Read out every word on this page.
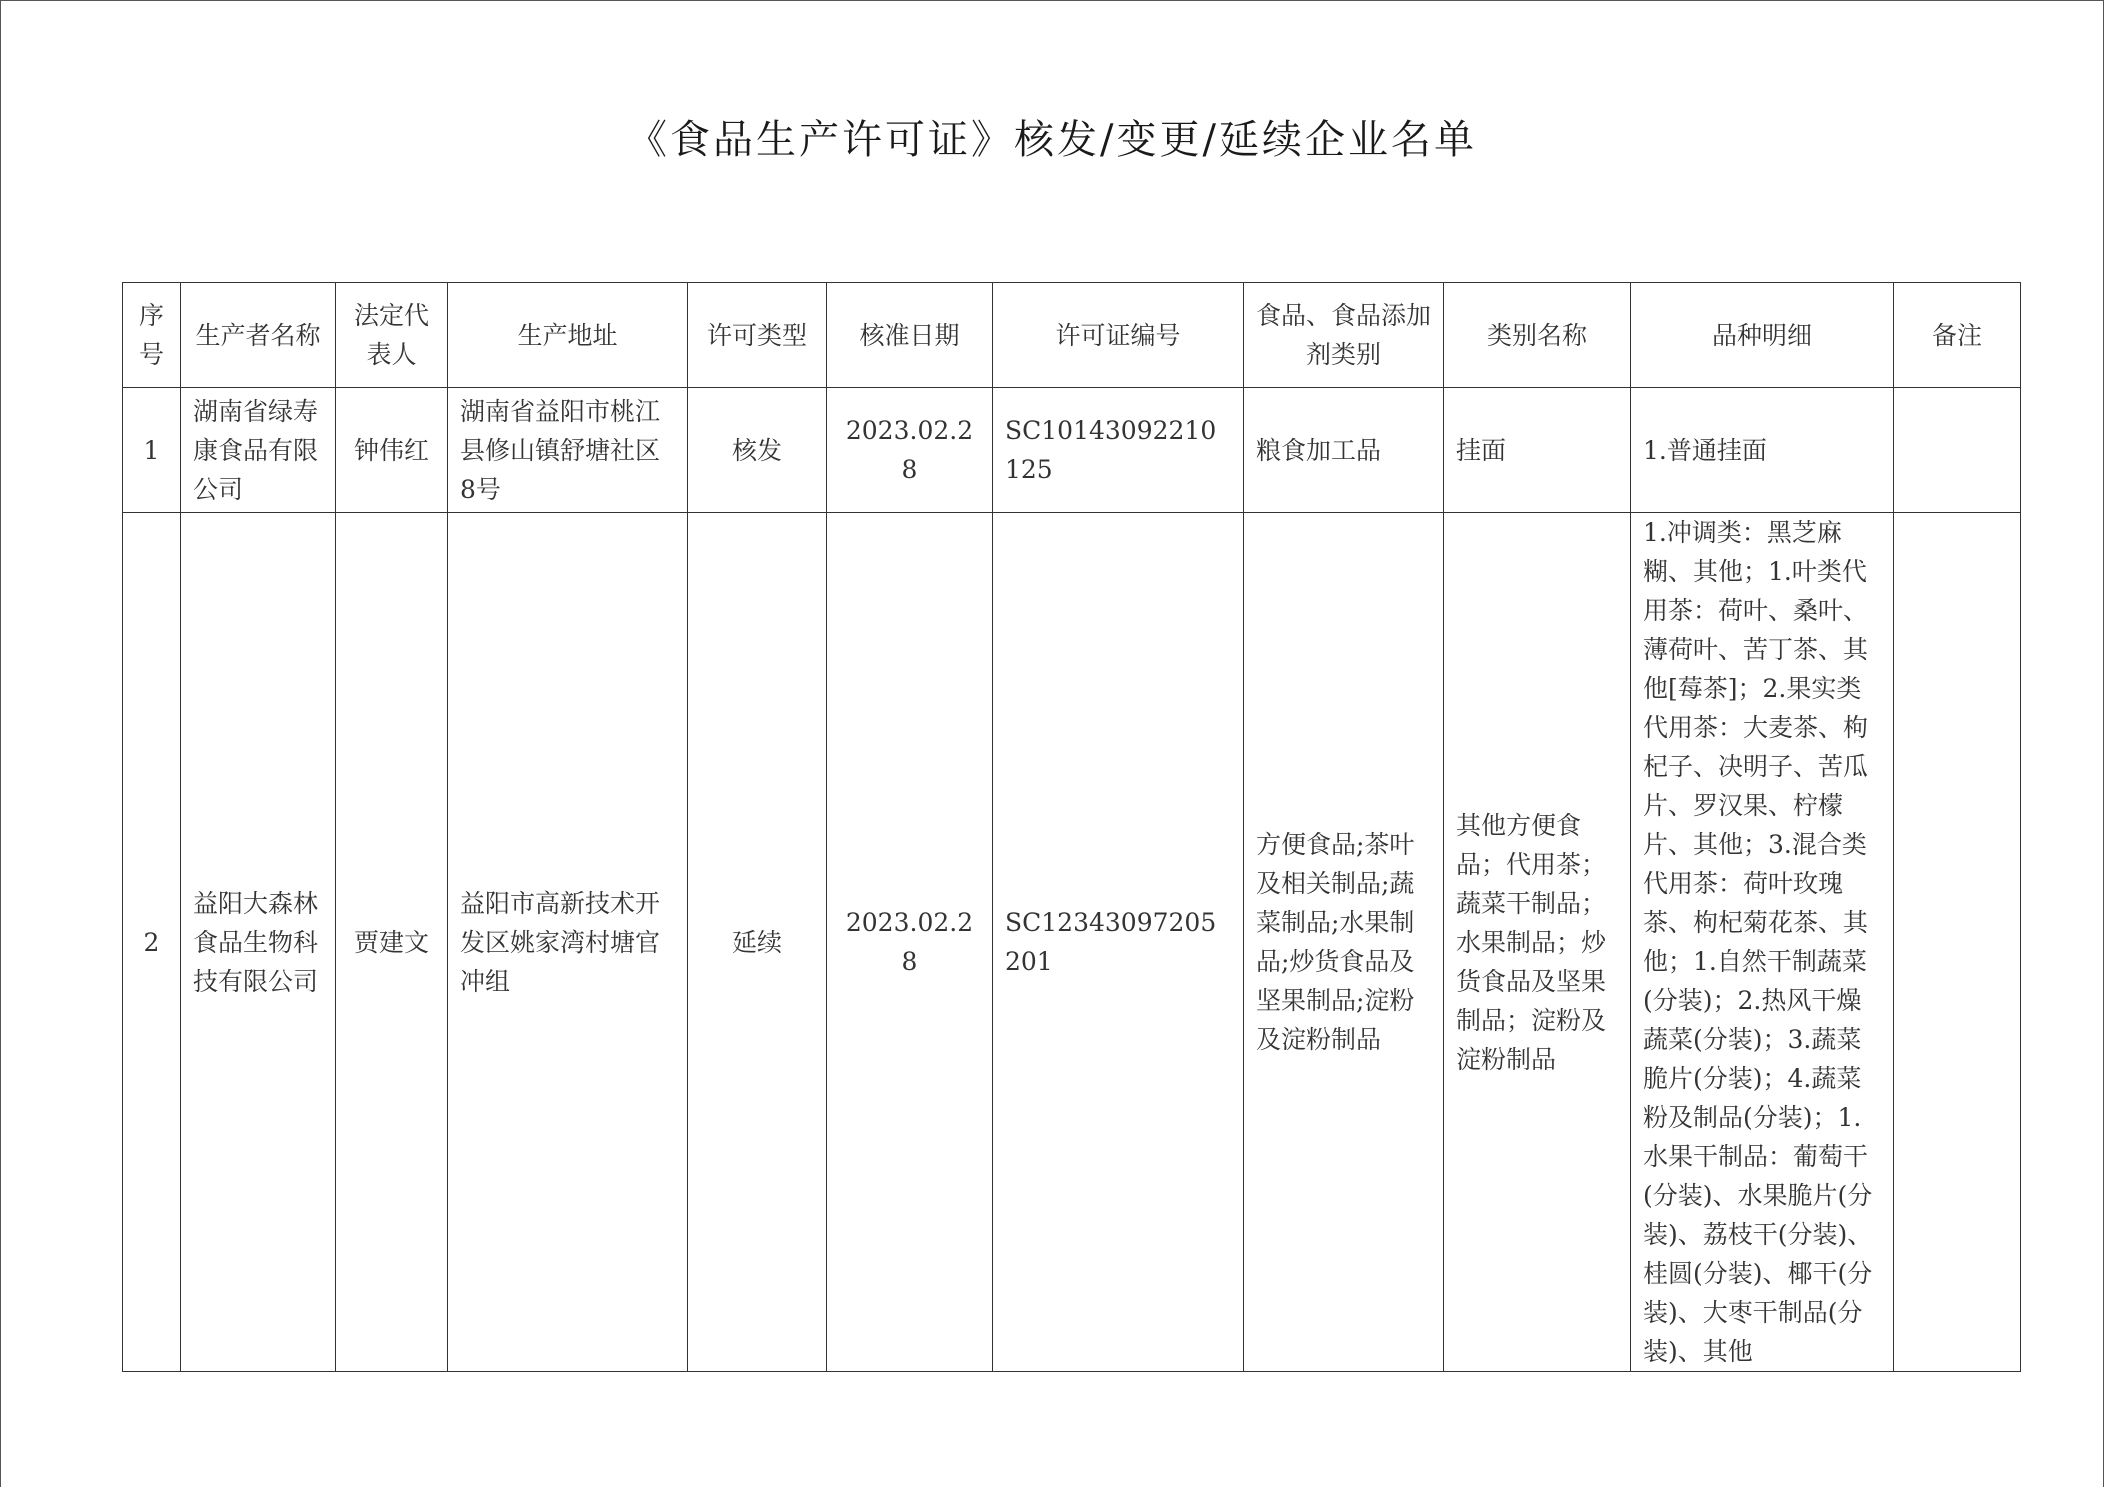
《食品生产许可证》核发/变更/延续企业名单
序号	生产者名称	法定代表人	生产地址	许可类型	核准日期	许可证编号	食品、食品添加剂类别	类别名称	品种明细	备注
1	湖南省绿寿康食品有限公司	钟伟红	湖南省益阳市桃江县修山镇舒塘社区8号	核发	2023.02.28	SC10143092210125	粮食加工品	挂面	1.普通挂面	
2	益阳大森林食品生物科技有限公司	贾建文	益阳市高新技术开发区姚家湾村塘官冲组	延续	2023.02.28	SC12343097205201	方便食品;茶叶及相关制品;蔬菜制品;水果制品;炒货食品及坚果制品;淀粉及淀粉制品	其他方便食品；代用茶；蔬菜干制品；水果制品；炒货食品及坚果制品；淀粉及淀粉制品	1.冲调类：黑芝麻糊、其他；1.叶类代用茶：荷叶、桑叶、薄荷叶、苦丁茶、其他[莓茶]；2.果实类代用茶：大麦茶、枸杞子、决明子、苦瓜片、罗汉果、柠檬片、其他；3.混合类代用茶：荷叶玫瑰茶、枸杞菊花茶、其他；1.自然干制蔬菜(分装)；2.热风干燥蔬菜(分装)；3.蔬菜脆片(分装)；4.蔬菜粉及制品(分装)；1.水果干制品：葡萄干(分装)、水果脆片(分装)、荔枝干(分装)、桂圆(分装)、椰干(分装)、大枣干制品(分装)、其他	
